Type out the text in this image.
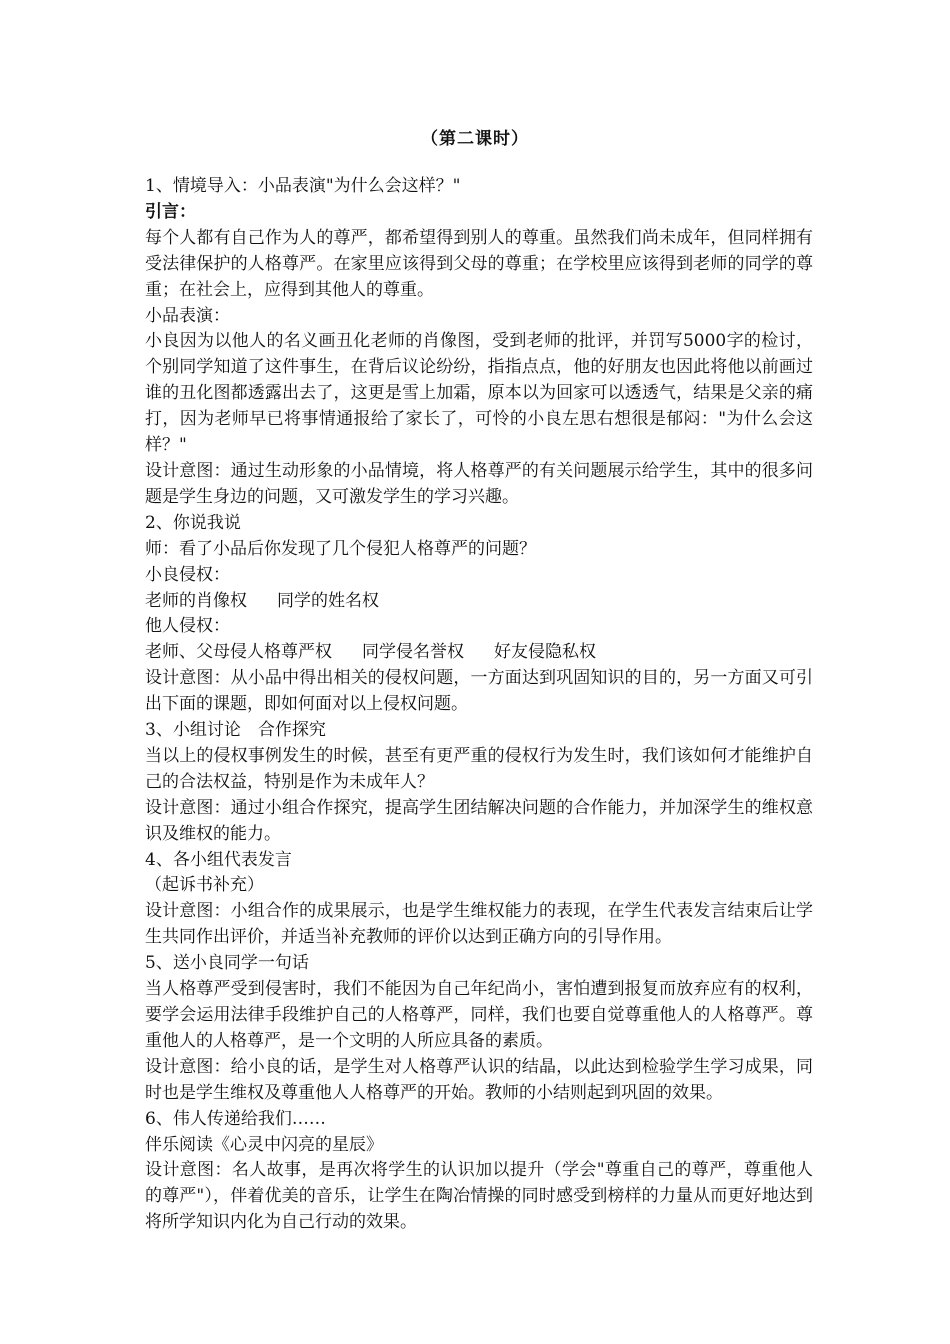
（第二课时）

1、情境导入：小品表演"为什么会这样？"

引言：

每个人都有自己作为人的尊严，都希望得到别人的尊重。虽然我们尚未成年，但同样拥有受法律保护的人格尊严。在家里应该得到父母的尊重；在学校里应该得到老师的同学的尊重；在社会上，应得到其他人的尊重。

小品表演：

小良因为以他人的名义画丑化老师的肖像图，受到老师的批评，并罚写5000字的检讨，个别同学知道了这件事生，在背后议论纷纷，指指点点，他的好朋友也因此将他以前画过谁的丑化图都透露出去了，这更是雪上加霜，原本以为回家可以透透气，结果是父亲的痛打，因为老师早已将事情通报给了家长了，可怜的小良左思右想很是郁闷："为什么会这样？"

设计意图：通过生动形象的小品情境，将人格尊严的有关问题展示给学生，其中的很多问题是学生身边的问题，又可激发学生的学习兴趣。

2、你说我说

师：看了小品后你发现了几个侵犯人格尊严的问题？

小良侵权：

老师的肖像权 同学的姓名权

他人侵权：

老师、父母侵人格尊严权 同学侵名誉权 好友侵隐私权

设计意图：从小品中得出相关的侵权问题，一方面达到巩固知识的目的，另一方面又可引出下面的课题，即如何面对以上侵权问题。

3、小组讨论 合作探究

当以上的侵权事例发生的时候，甚至有更严重的侵权行为发生时，我们该如何才能维护自己的合法权益，特别是作为未成年人？

设计意图：通过小组合作探究，提高学生团结解决问题的合作能力，并加深学生的维权意识及维权的能力。

4、各小组代表发言

（起诉书补充）

设计意图：小组合作的成果展示，也是学生维权能力的表现，在学生代表发言结束后让学生共同作出评价，并适当补充教师的评价以达到正确方向的引导作用。

5、送小良同学一句话

当人格尊严受到侵害时，我们不能因为自己年纪尚小，害怕遭到报复而放弃应有的权利，要学会运用法律手段维护自己的人格尊严，同样，我们也要自觉尊重他人的人格尊严。尊重他人的人格尊严，是一个文明的人所应具备的素质。

设计意图：给小良的话，是学生对人格尊严认识的结晶，以此达到检验学生学习成果，同时也是学生维权及尊重他人人格尊严的开始。教师的小结则起到巩固的效果。

6、伟人传递给我们……

伴乐阅读《心灵中闪亮的星辰》

设计意图：名人故事，是再次将学生的认识加以提升（学会"尊重自己的尊严，尊重他人的尊严"），伴着优美的音乐，让学生在陶冶情操的同时感受到榜样的力量从而更好地达到将所学知识内化为自己行动的效果。
